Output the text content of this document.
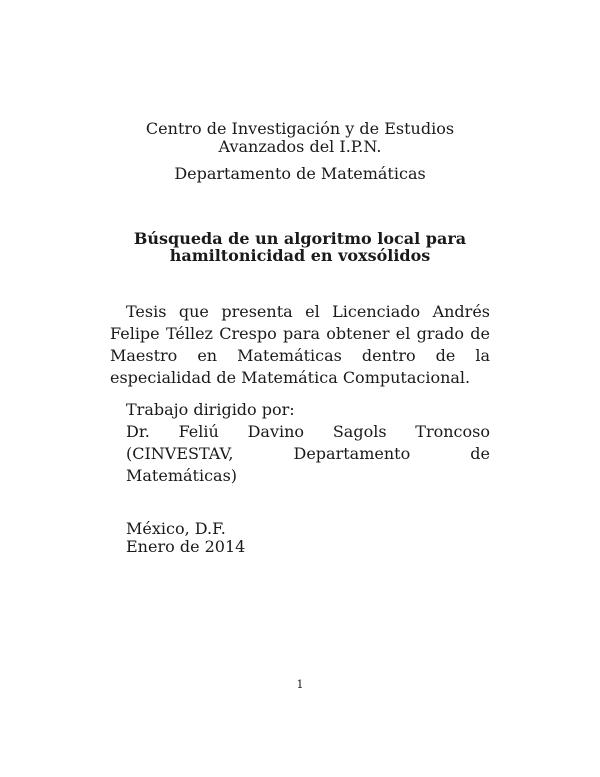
Centro de Investigación y de Estudios Avanzados del I.P.N.
Departamento de Matemáticas
Búsqueda de un algoritmo local para
hamiltonicidad en voxsólidos
Tesis que presenta el Licenciado Andrés Felipe Téllez Crespo para obtener el grado de Maestro en Matemáticas dentro de la especialidad de Matemática Computacional.
Trabajo dirigido por:
Dr. Feliú Davino Sagols Troncoso (CINVESTAV, Departamento de Matemáticas)
México, D.F.
Enero de 2014
1
